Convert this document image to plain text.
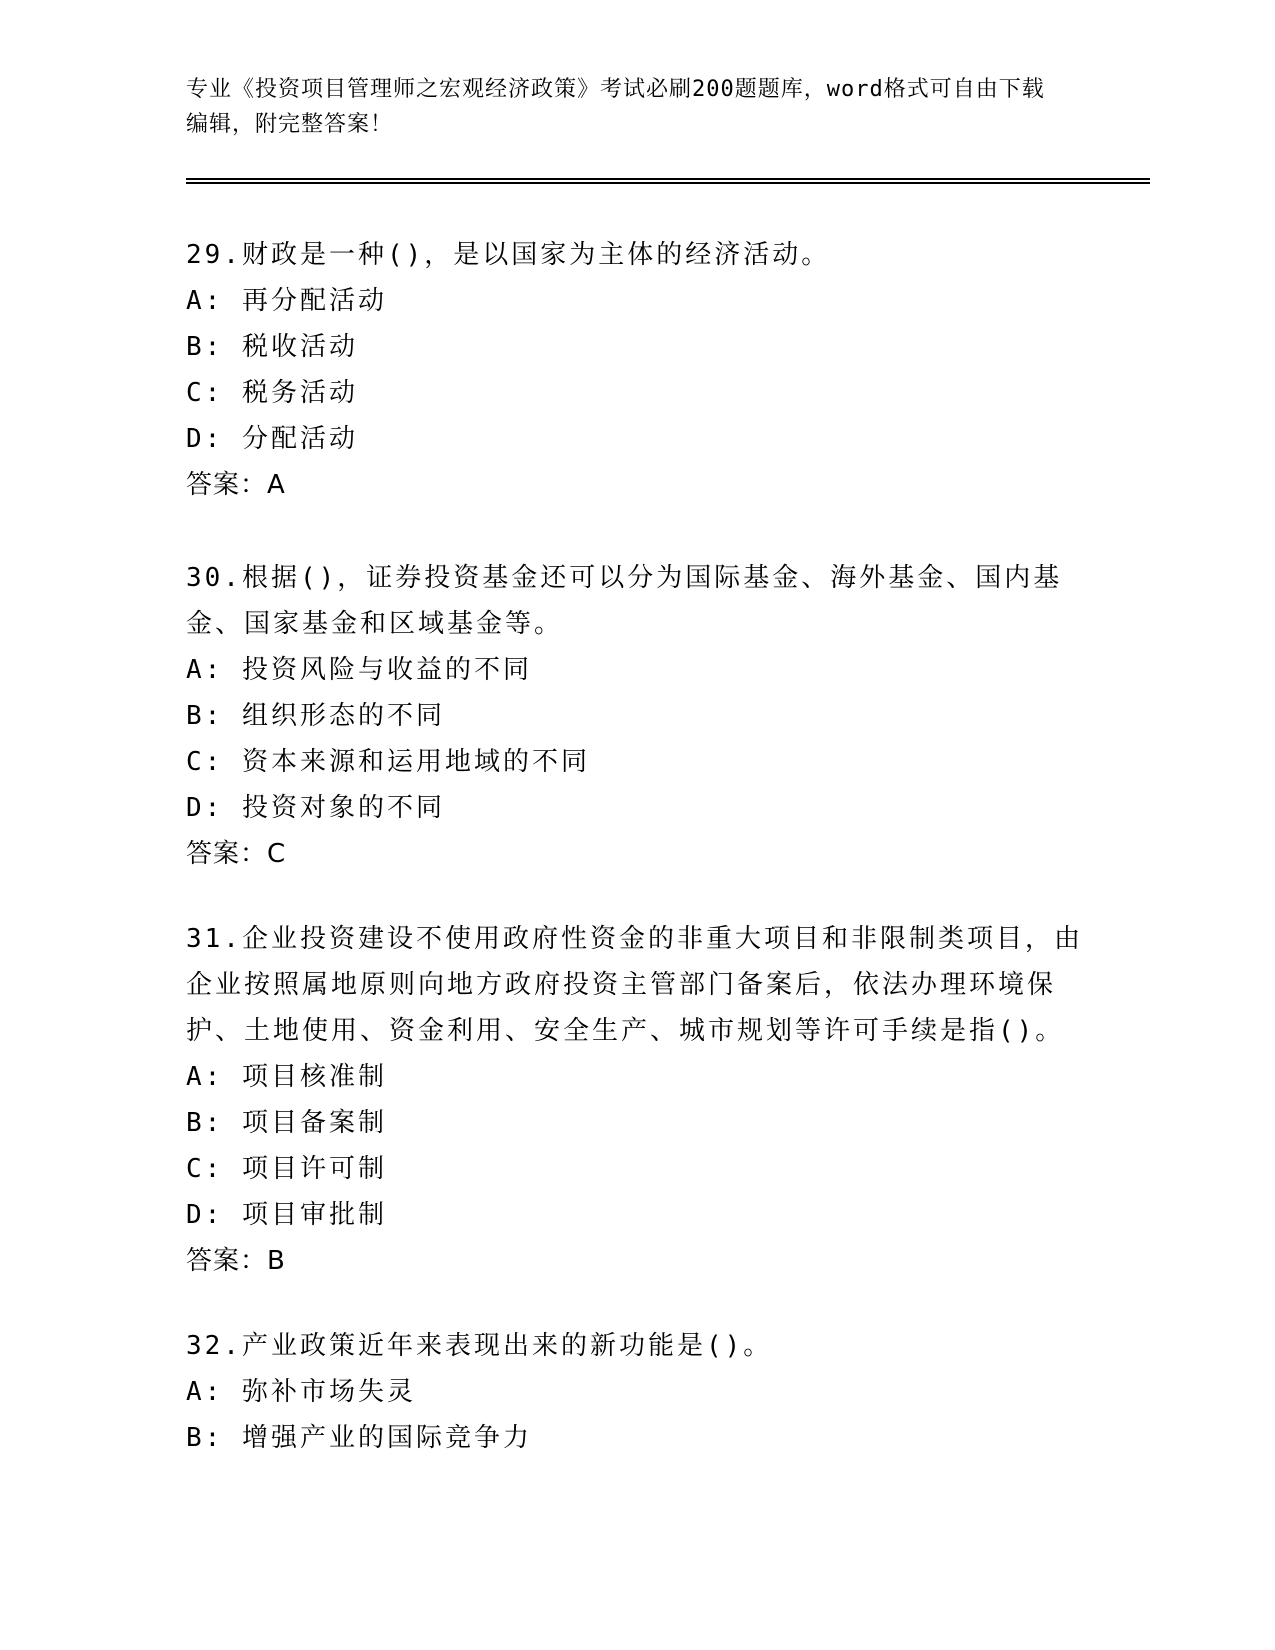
专业《投资项目管理师之宏观经济政策》考试必刷200题题库，word格式可自由下载编辑，附完整答案！

29.财政是一种()，是以国家为主体的经济活动。

A: 再分配活动

B: 税收活动

C: 税务活动

D: 分配活动

答案：A

30.根据()，证券投资基金还可以分为国际基金、海外基金、国内基金、国家基金和区域基金等。

A: 投资风险与收益的不同

B: 组织形态的不同

C: 资本来源和运用地域的不同

D: 投资对象的不同

答案：C

31.企业投资建设不使用政府性资金的非重大项目和非限制类项目，由企业按照属地原则向地方政府投资主管部门备案后，依法办理环境保护、土地使用、资金利用、安全生产、城市规划等许可手续是指()。

A: 项目核准制

B: 项目备案制

C: 项目许可制

D: 项目审批制

答案：B

32.产业政策近年来表现出来的新功能是()。

A: 弥补市场失灵

B: 增强产业的国际竞争力
